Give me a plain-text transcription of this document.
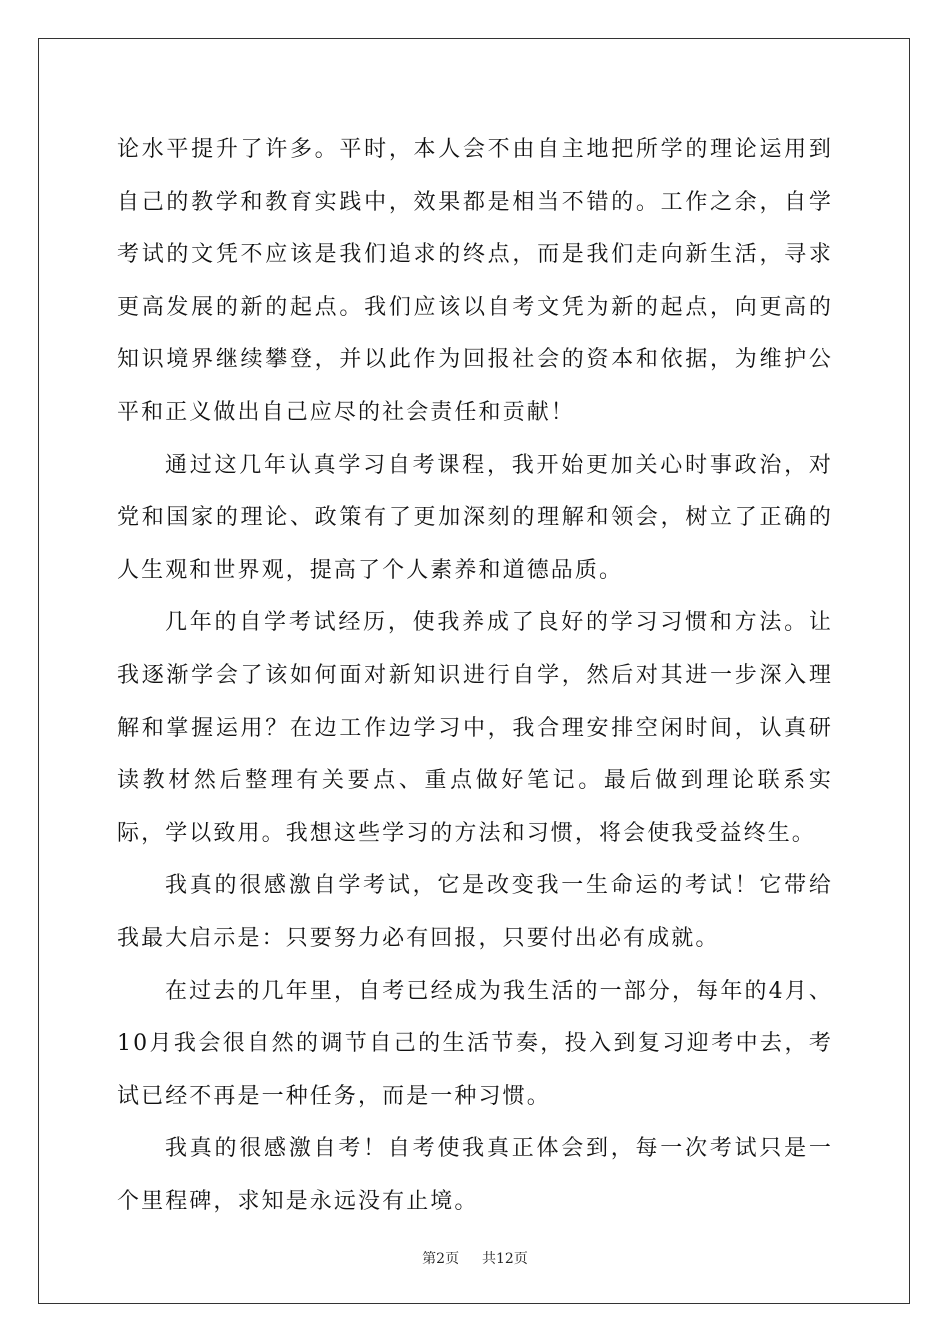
论水平提升了许多。平时，本人会不由自主地把所学的理论运用到自己的教学和教育实践中，效果都是相当不错的。工作之余，自学考试的文凭不应该是我们追求的终点，而是我们走向新生活，寻求更高发展的新的起点。我们应该以自考文凭为新的起点，向更高的知识境界继续攀登，并以此作为回报社会的资本和依据，为维护公平和正义做出自己应尽的社会责任和贡献！

通过这几年认真学习自考课程，我开始更加关心时事政治，对党和国家的理论、政策有了更加深刻的理解和领会，树立了正确的人生观和世界观，提高了个人素养和道德品质。

几年的自学考试经历，使我养成了良好的学习习惯和方法。让我逐渐学会了该如何面对新知识进行自学，然后对其进一步深入理解和掌握运用？在边工作边学习中，我合理安排空闲时间，认真研读教材然后整理有关要点、重点做好笔记。最后做到理论联系实际，学以致用。我想这些学习的方法和习惯，将会使我受益终生。

我真的很感激自学考试，它是改变我一生命运的考试！它带给我最大启示是：只要努力必有回报，只要付出必有成就。

在过去的几年里，自考已经成为我生活的一部分，每年的4月、10月我会很自然的调节自己的生活节奏，投入到复习迎考中去，考试已经不再是一种任务，而是一种习惯。

我真的很感激自考！自考使我真正体会到，每一次考试只是一个里程碑，求知是永远没有止境。

第2页 共12页
